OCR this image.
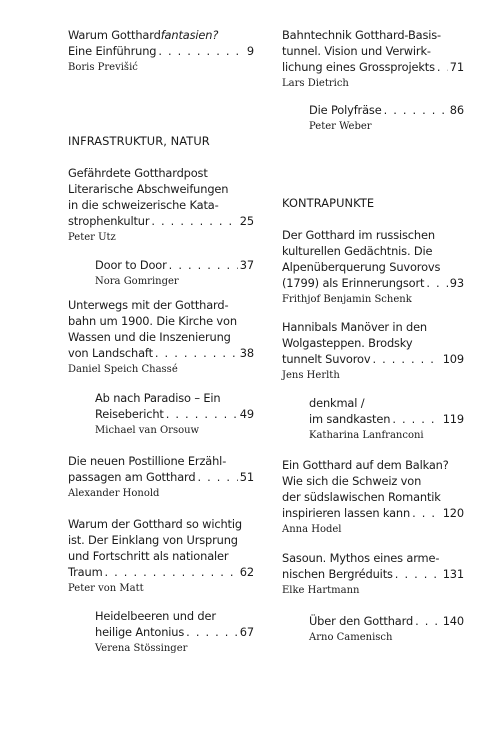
Warum Gotthardfantasien?
Eine Einführung . . .	9
Boris Previšić
INFRASTRUKTUR, NATUR
Gefährdete Gotthardpost
Literarische Abschweifungen
in die schweizerische Kata-
strophenkultur . . .	25
Peter Utz
Door to Door . . .	37
Nora Gomringer
Unterwegs mit der Gotthard-
bahn um 1900. Die Kirche von
Wassen und die Inszenierung
von Landschaft . . .	38
Daniel Speich Chassé
Ab nach Paradiso – Ein
Reisebericht . . .	49
Michael van Orsouw
Die neuen Postillione Erzähl-
passagen am Gotthard . . .	51
Alexander Honold
Warum der Gotthard so wichtig
ist. Der Einklang von Ursprung
und Fortschritt als nationaler
Traum . . .	62
Peter von Matt
Heidelbeeren und der
heilige Antonius . . .	67
Verena Stössinger
Bahntechnik Gotthard-Basis-
tunnel. Vision und Verwirk-
lichung eines Grossprojekts . . . 71
Lars Dietrich
Die Polyfräse . . .	86
Peter Weber
KONTRAPUNKTE
Der Gotthard im russischen
kulturellen Gedächtnis. Die
Alpenüberquerung Suvorovs
(1799) als Erinnerungsort . . . 93
Frithjof Benjamin Schenk
Hannibals Manöver in den
Wolgasteppen. Brodsky
tunnelt Suvorov . . .	109
Jens Herlth
denkmal /
im sandkasten . . .	119
Katharina Lanfranconi
Ein Gotthard auf dem Balkan?
Wie sich die Schweiz von
der südslawischen Romantik
inspirieren lassen kann . . .	120
Anna Hodel
Sasoun. Mythos eines arme-
nischen Bergréduits . . .	131
Elke Hartmann
Über den Gotthard . . .	140
Arno Camenisch
